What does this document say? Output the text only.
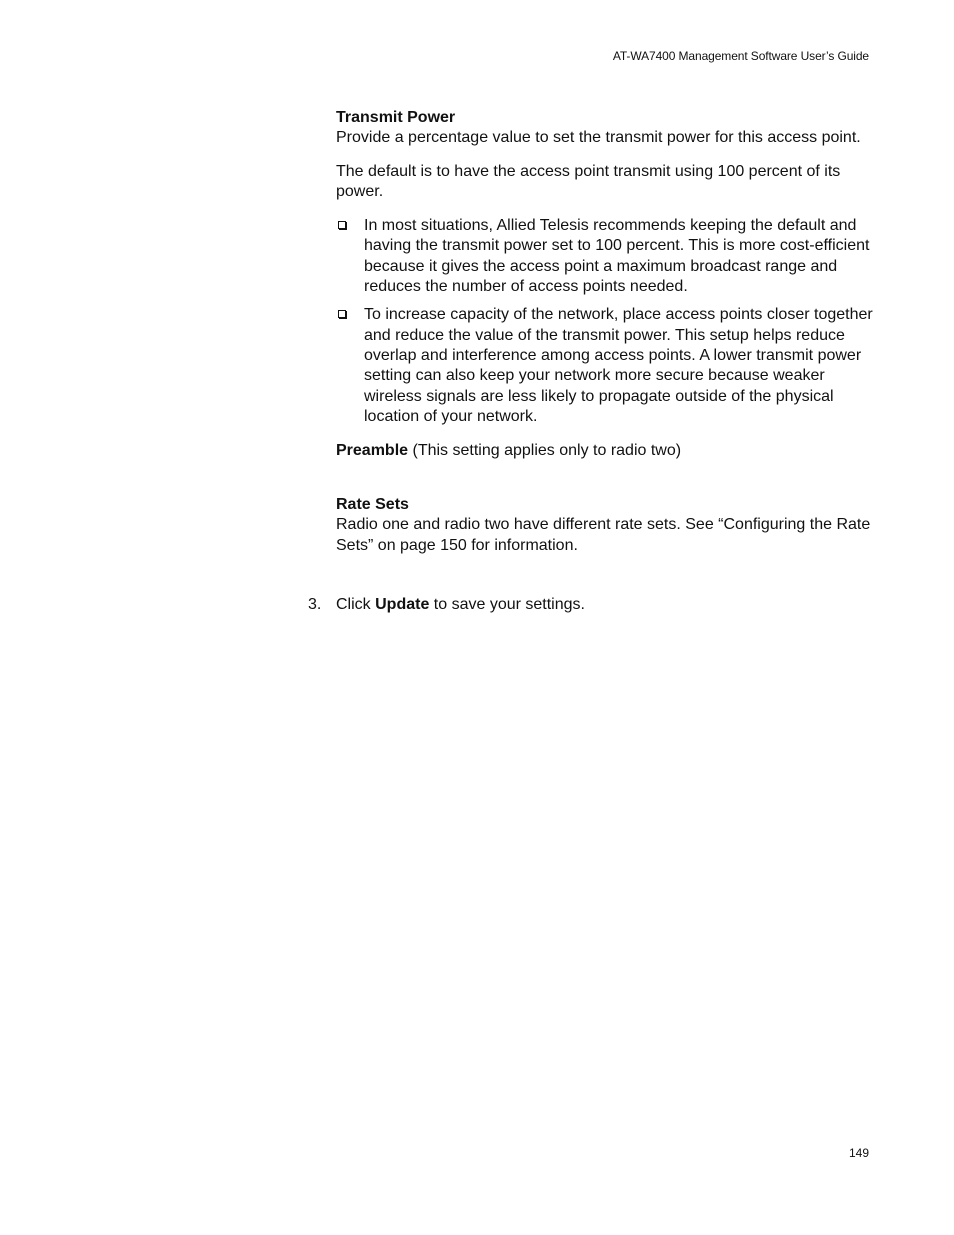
AT-WA7400 Management Software User’s Guide

Transmit Power

Provide a percentage value to set the transmit power for this access point.

The default is to have the access point transmit using 100 percent of its power.

In most situations, Allied Telesis recommends keeping the default and having the transmit power set to 100 percent. This is more cost-efficient because it gives the access point a maximum broadcast range and reduces the number of access points needed.
To increase capacity of the network, place access points closer together and reduce the value of the transmit power. This setup helps reduce overlap and interference among access points. A lower transmit power setting can also keep your network more secure because weaker wireless signals are less likely to propagate outside of the physical location of your network.

Preamble (This setting applies only to radio two)

Rate Sets

Radio one and radio two have different rate sets. See “Configuring the Rate Sets” on page 150 for information.

3. Click Update to save your settings.
149
